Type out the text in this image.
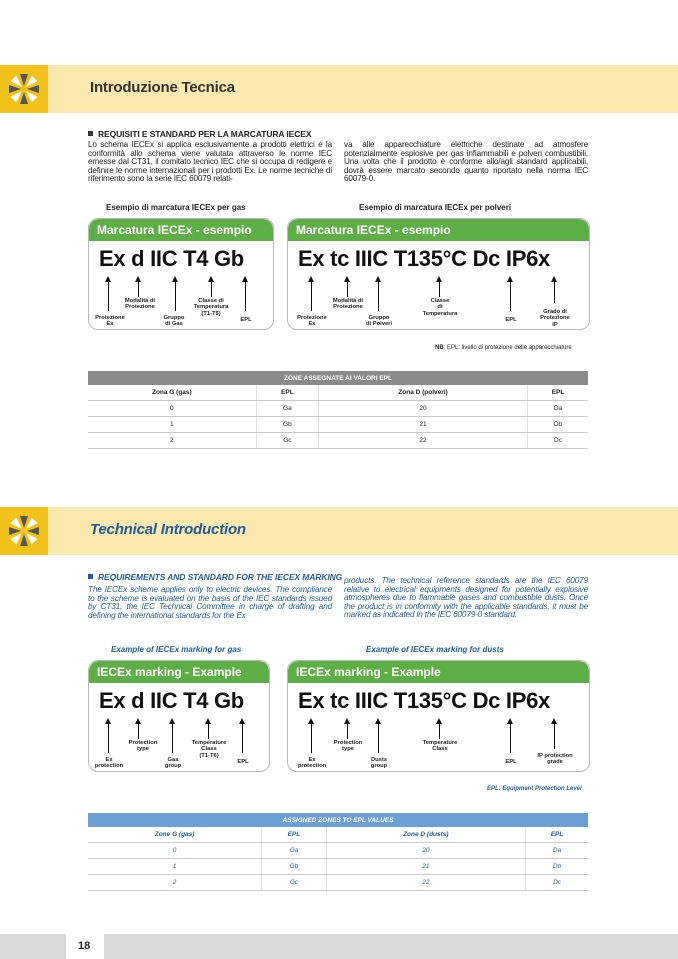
Introduzione Tecnica
REQUISITI E STANDARD PER LA MARCATURA IECEX
Lo schema IECEx si applica esclusivamente a prodotti elettrici e la conformità allo schema viene valutata attraverso le norme IEC emesse dal CT31, il comitato tecnico IEC che si occupa di redigere e definire le norme internazionali per i prodotti Ex. Le norme tecniche di riferimento sono la serie IEC 60079 relati-
va alle apparecchiature elettriche destinate ad atmosfere potenzialmente esplosive per gas infiammabili e polveri combustibili. Una volta che il prodotto è conforme allo/agli standard applicabili, dovrà essere marcato secondo quanto riportato nella norma IEC 60079-0.
Esempio di marcatura IECEx per gas	Esempio di marcatura IECEx per polveri
Marcatura IECEx - esempio
Ex d IIC T4 Gb
Protezione
Ex
Modalità di
Protezione
Gruppo
di Gas
Classe di
Temperatura
(T1-T6)
EPL
Marcatura IECEx - esempio
Ex tc IIIC T135°C Dc IP6x
Protezione
Ex
Modalità di
Protezione
Gruppo
di Polveri
Classe
di
Temperatura
EPL
Grado di
Protezione
IP
NB: EPL: livello di protezione delle apparecchiature
ZONE ASSEGNATE AI VALORI EPL			
Zona G (gas)	EPL	Zona D (polveri)	EPL
0	Ga	20	Da
1	Gb	21	Db
2	Gc	22	Dc
Technical Introduction
REQUIREMENTS AND STANDARD FOR THE IECEX MARKING
The IECEx scheme applies only to electric devices. The compliance to the scheme is evaluated on the basis of the IEC standards issued by CT31, the IEC Technical Committee in charge of drafting and defining the international standards for the Ex
products. The technical reference standards are the IEC 60079 relative to electrical equipments designed for potentially explosive atmospheres due to flammable gases and combustible dusts. Once the product is in conformity with the applicable standards, it must be marked as indicated in the IEC 60079-0 standard.
Example of IECEx marking for gas	Example of IECEx marking for dusts
IECEx marking - Example
Ex d IIC T4 Gb
Ex
protection
Protection
type
Gas
group
Temperature
Class
(T1-T6)
EPL
IECEx marking - Example
Ex tc IIIC T135°C Dc IP6x
Ex
protection
Protection
type
Dusts
group
Temperature
Class
EPL
IP protection
grade
EPL: Equipment Protection Level
ASSIGNED ZONES TO EPL VALUES			
Zone G (gas)	EPL	Zone D (dusts)	EPL
0	Ga	20	Da
1	Gb	21	Db
2	Gc	22	Dc
18
